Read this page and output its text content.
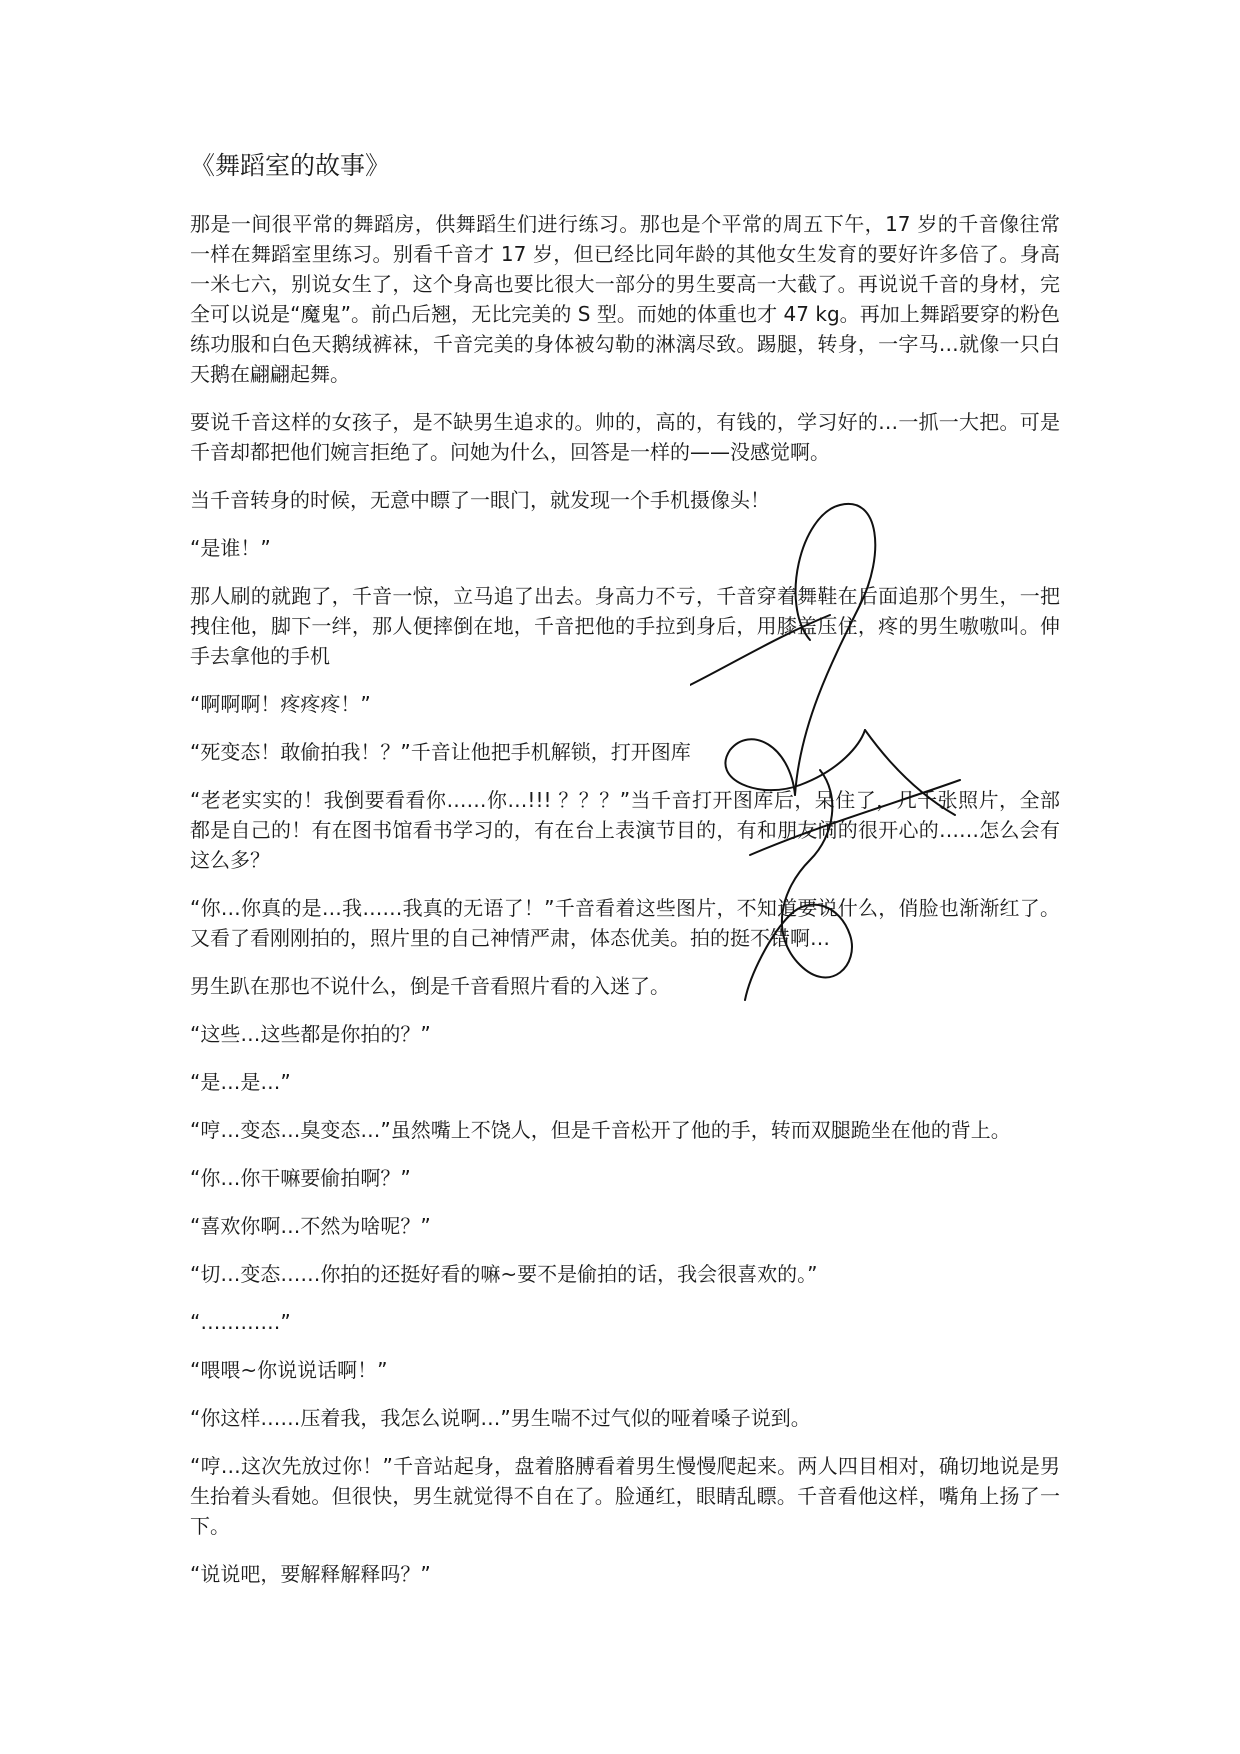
《舞蹈室的故事》

那是一间很平常的舞蹈房，供舞蹈生们进行练习。那也是个平常的周五下午，17 岁的千音像往常一样在舞蹈室里练习。别看千音才 17 岁，但已经比同年龄的其他女生发育的要好许多倍了。身高一米七六，别说女生了，这个身高也要比很大一部分的男生要高一大截了。再说说千音的身材，完全可以说是“魔鬼”。前凸后翘，无比完美的 S 型。而她的体重也才 47 kg。再加上舞蹈要穿的粉色练功服和白色天鹅绒裤袜，千音完美的身体被勾勒的淋漓尽致。踢腿，转身，一字马…就像一只白天鹅在翩翩起舞。

要说千音这样的女孩子，是不缺男生追求的。帅的，高的，有钱的，学习好的…一抓一大把。可是千音却都把他们婉言拒绝了。问她为什么，回答是一样的——没感觉啊。

当千音转身的时候，无意中瞟了一眼门，就发现一个手机摄像头！

“是谁！”

那人刷的就跑了，千音一惊，立马追了出去。身高力不亏，千音穿着舞鞋在后面追那个男生，一把拽住他，脚下一绊，那人便摔倒在地，千音把他的手拉到身后，用膝盖压住，疼的男生嗷嗷叫。伸手去拿他的手机

“啊啊啊！疼疼疼！”

“死变态！敢偷拍我！？”千音让他把手机解锁，打开图库

“老老实实的！我倒要看看你……你…!!! ？？？”当千音打开图库后，呆住了，几千张照片，全部都是自己的！有在图书馆看书学习的，有在台上表演节目的，有和朋友闹的很开心的……怎么会有这么多？

“你…你真的是…我……我真的无语了！”千音看着这些图片，不知道要说什么，俏脸也渐渐红了。又看了看刚刚拍的，照片里的自己神情严肃，体态优美。拍的挺不错啊…

男生趴在那也不说什么，倒是千音看照片看的入迷了。

“这些…这些都是你拍的？”

“是…是…”

“哼…变态…臭变态…”虽然嘴上不饶人，但是千音松开了他的手，转而双腿跪坐在他的背上。

“你…你干嘛要偷拍啊？”

“喜欢你啊…不然为啥呢？”

“切…变态……你拍的还挺好看的嘛~要不是偷拍的话，我会很喜欢的。”

“…………”

“喂喂~你说说话啊！”

“你这样……压着我，我怎么说啊…”男生喘不过气似的哑着嗓子说到。

“哼…这次先放过你！”千音站起身，盘着胳膊看着男生慢慢爬起来。两人四目相对，确切地说是男生抬着头看她。但很快，男生就觉得不自在了。脸通红，眼睛乱瞟。千音看他这样，嘴角上扬了一下。

“说说吧，要解释解释吗？”
